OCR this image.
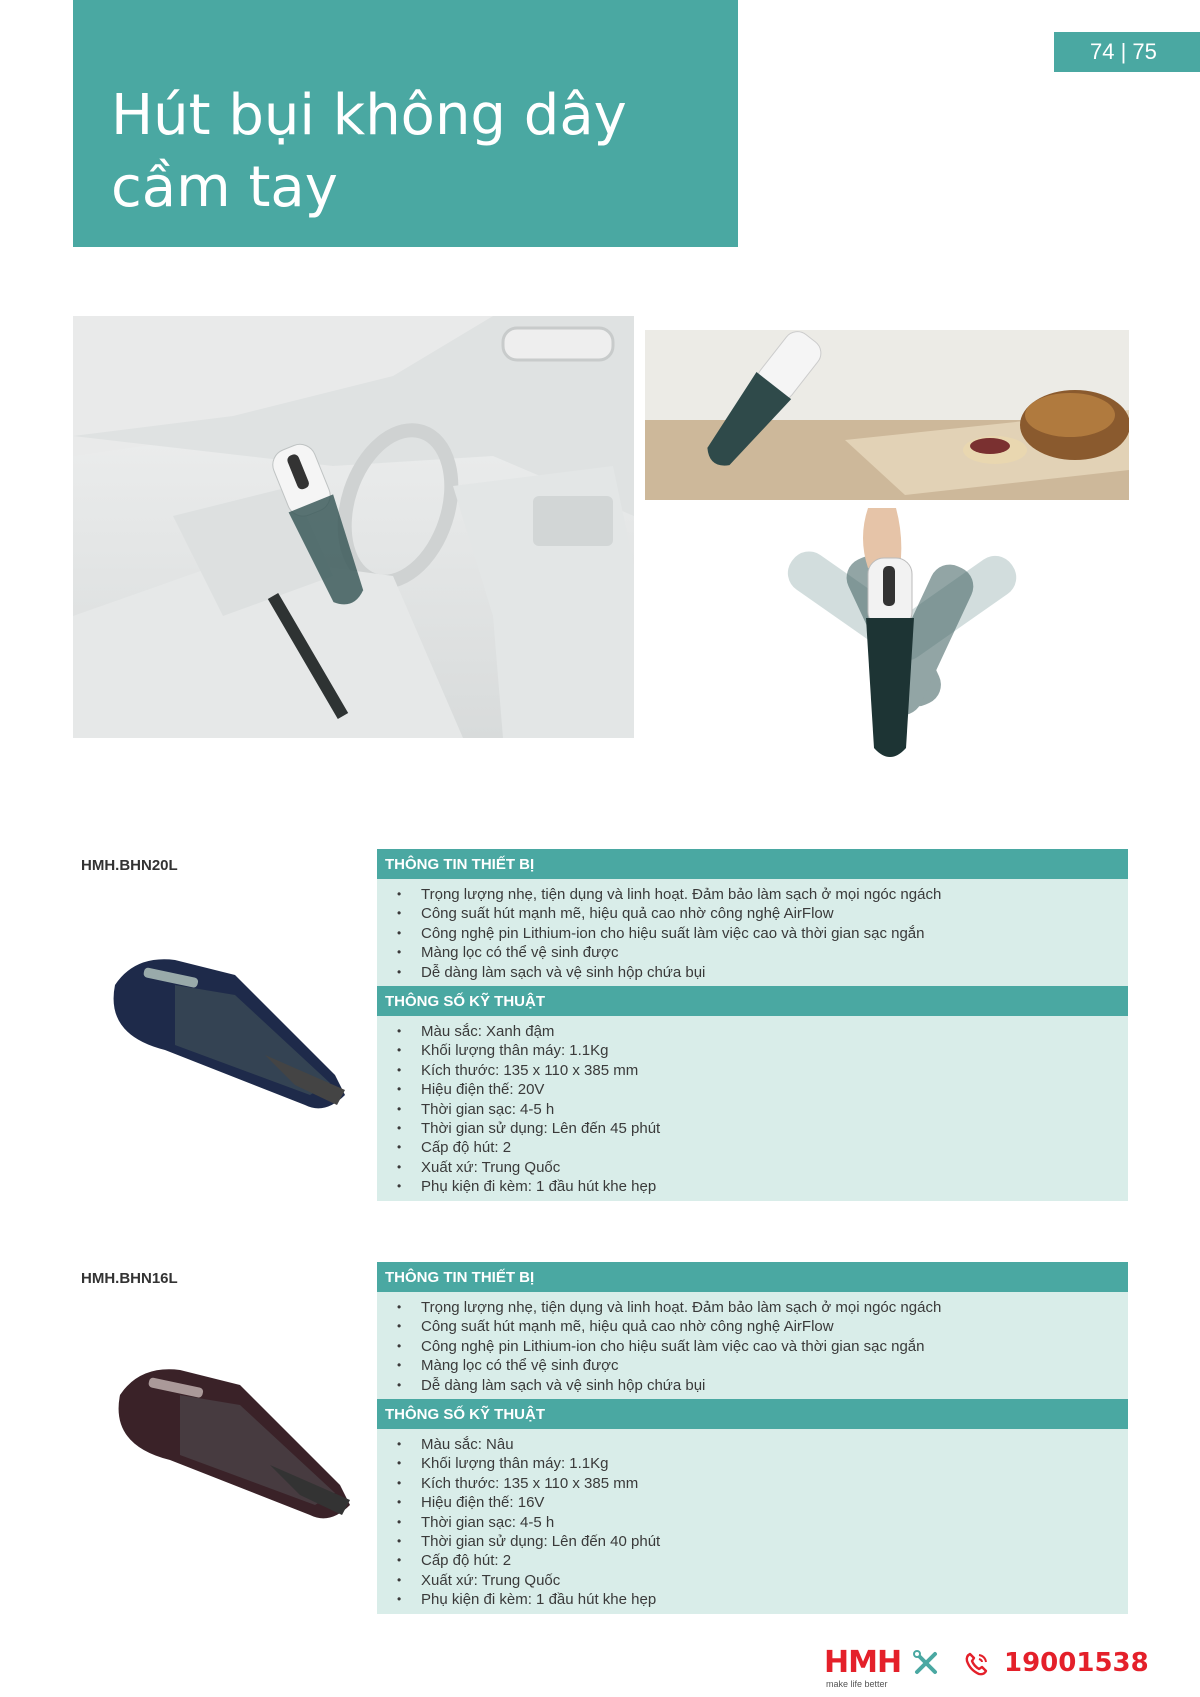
Hút bụi không dây
cầm tay
74 | 75
HMH.BHN20L	THÔNG TIN THIẾT BỊ
• Trọng lượng nhẹ, tiện dụng và linh hoạt. Đảm bảo làm sạch ở mọi ngóc ngách
• Công suất hút mạnh mẽ, hiệu quả cao nhờ công nghệ AirFlow
• Công nghệ pin Lithium-ion cho hiệu suất làm việc cao và thời gian sạc ngắn
• Màng lọc có thể vệ sinh được
• Dễ dàng làm sạch và vệ sinh hộp chứa bụi
THÔNG SỐ KỸ THUẬT
• Màu sắc: Xanh đậm
• Khối lượng thân máy: 1.1Kg
• Kích thước: 135 x 110 x 385 mm
• Hiệu điện thế: 20V
• Thời gian sạc: 4-5 h
• Thời gian sử dụng: Lên đến 45 phút
• Cấp độ hút: 2
• Xuất xứ: Trung Quốc
• Phụ kiện đi kèm: 1 đầu hút khe hẹp
HMH.BHN16L	THÔNG TIN THIẾT BỊ
• Trọng lượng nhẹ, tiện dụng và linh hoạt. Đảm bảo làm sạch ở mọi ngóc ngách
• Công suất hút mạnh mẽ, hiệu quả cao nhờ công nghệ AirFlow
• Công nghệ pin Lithium-ion cho hiệu suất làm việc cao và thời gian sạc ngắn
• Màng lọc có thể vệ sinh được
• Dễ dàng làm sạch và vệ sinh hộp chứa bụi
THÔNG SỐ KỸ THUẬT
• Màu sắc: Nâu
• Khối lượng thân máy: 1.1Kg
• Kích thước: 135 x 110 x 385 mm
• Hiệu điện thế: 16V
• Thời gian sạc: 4-5 h
• Thời gian sử dụng: Lên đến 40 phút
• Cấp độ hút: 2
• Xuất xứ: Trung Quốc
• Phụ kiện đi kèm: 1 đầu hút khe hẹp
HMH
make life better
19001538
